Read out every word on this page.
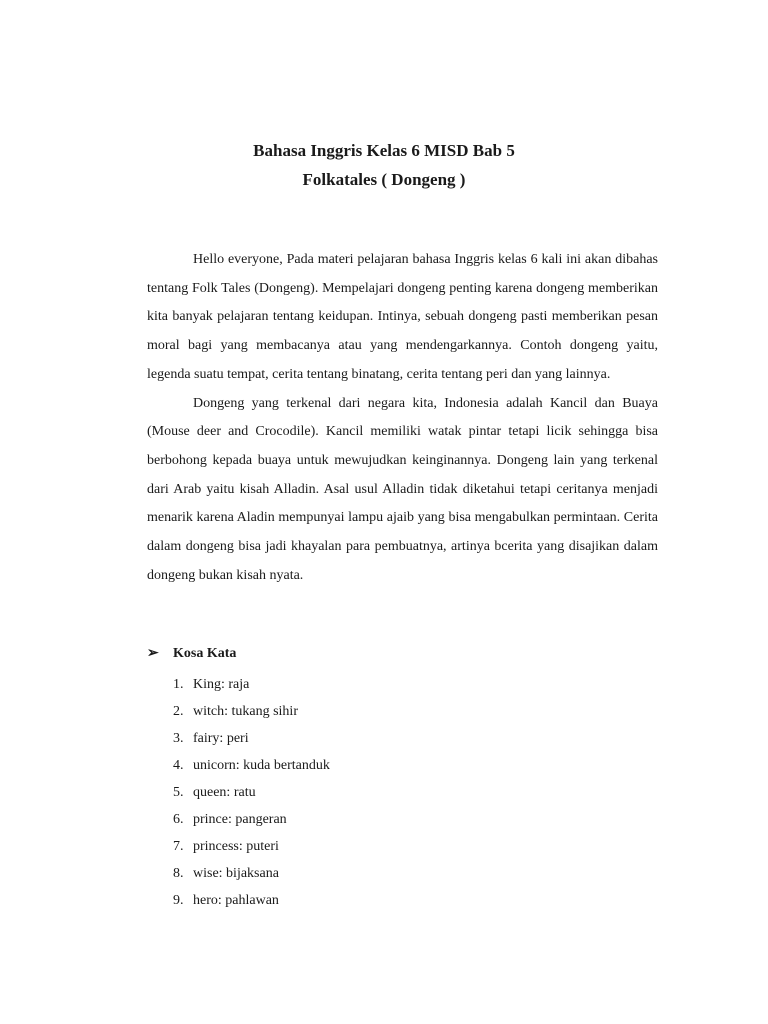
Bahasa Inggris Kelas 6 MISD Bab 5
Folkatales ( Dongeng )

Hello everyone, Pada materi pelajaran bahasa Inggris kelas 6 kali ini akan dibahas tentang Folk Tales (Dongeng). Mempelajari dongeng penting karena dongeng memberikan kita banyak pelajaran tentang keidupan. Intinya, sebuah dongeng pasti memberikan pesan moral bagi yang membacanya atau yang mendengarkannya. Contoh dongeng yaitu, legenda suatu tempat, cerita tentang binatang, cerita tentang peri dan yang lainnya.

Dongeng yang terkenal dari negara kita, Indonesia adalah Kancil dan Buaya (Mouse deer and Crocodile). Kancil memiliki watak pintar tetapi licik sehingga bisa berbohong kepada buaya untuk mewujudkan keinginannya. Dongeng lain yang terkenal dari Arab yaitu kisah Alladin. Asal usul Alladin tidak diketahui tetapi ceritanya menjadi menarik karena Aladin mempunyai lampu ajaib yang bisa mengabulkan permintaan. Cerita dalam dongeng bisa jadi khayalan para pembuatnya, artinya bcerita yang disajikan dalam dongeng bukan kisah nyata.

➢ Kosa Kata
1. King: raja
2. witch: tukang sihir
3. fairy: peri
4. unicorn: kuda bertanduk
5. queen: ratu
6. prince: pangeran
7. princess: puteri
8. wise: bijaksana
9. hero: pahlawan
